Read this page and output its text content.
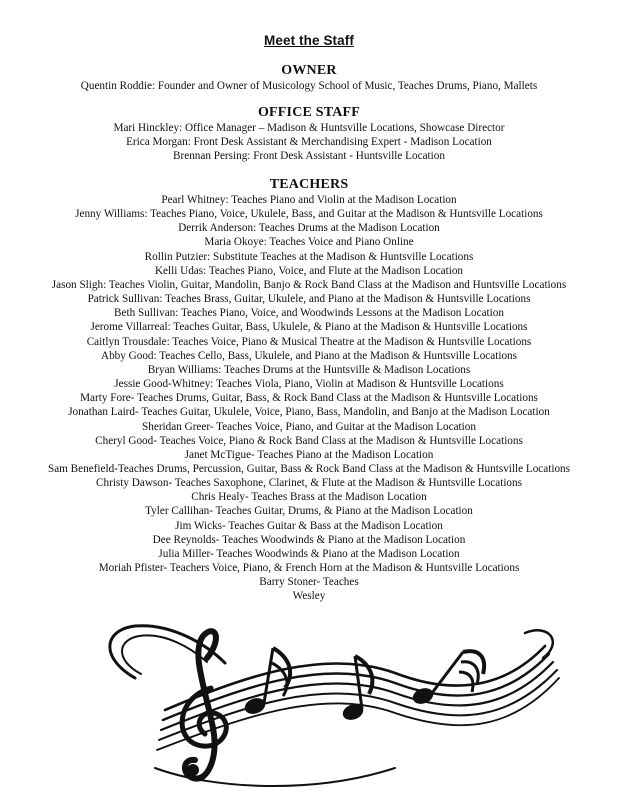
Meet the Staff
OWNER
Quentin Roddie: Founder and Owner of Musicology School of Music, Teaches Drums, Piano, Mallets
OFFICE STAFF
Mari Hinckley: Office Manager – Madison & Huntsville Locations, Showcase Director
Erica Morgan: Front Desk Assistant & Merchandising Expert - Madison Location
Brennan Persing: Front Desk Assistant - Huntsville Location
TEACHERS
Pearl Whitney: Teaches Piano and Violin at the Madison Location
Jenny Williams: Teaches Piano, Voice, Ukulele, Bass, and Guitar at the Madison & Huntsville Locations
Derrik Anderson: Teaches Drums at the Madison Location
Maria Okoye: Teaches Voice and Piano Online
Rollin Putzier: Substitute Teaches at the Madison & Huntsville Locations
Kelli Udas: Teaches Piano, Voice, and Flute at the Madison Location
Jason Sligh: Teaches Violin, Guitar, Mandolin, Banjo & Rock Band Class at the Madison and Huntsville Locations
Patrick Sullivan: Teaches Brass, Guitar, Ukulele, and Piano at the Madison & Huntsville Locations
Beth Sullivan: Teaches Piano, Voice, and Woodwinds Lessons at the Madison Location
Jerome Villarreal: Teaches Guitar, Bass, Ukulele, & Piano at the Madison & Huntsville Locations
Caitlyn Trousdale: Teaches Voice, Piano & Musical Theatre at the Madison & Huntsville Locations
Abby Good: Teaches Cello, Bass, Ukulele, and Piano at the Madison & Huntsville Locations
Bryan Williams: Teaches Drums at the Huntsville & Madison Locations
Jessie Good-Whitney: Teaches Viola, Piano, Violin at Madison & Huntsville Locations
Marty Fore- Teaches Drums, Guitar, Bass, & Rock Band Class at the Madison & Huntsville Locations
Jonathan Laird- Teaches Guitar, Ukulele, Voice, Piano, Bass, Mandolin, and Banjo at the Madison Location
Sheridan Greer- Teaches Voice, Piano, and Guitar at the Madison Location
Cheryl Good- Teaches Voice, Piano & Rock Band Class at the Madison & Huntsville Locations
Janet McTigue- Teaches Piano at the Madison Location
Sam Benefield-Teaches Drums, Percussion, Guitar, Bass & Rock Band Class at the Madison & Huntsville Locations
Christy Dawson- Teaches Saxophone, Clarinet, & Flute at the Madison & Huntsville Locations
Chris Healy- Teaches Brass at the Madison Location
Tyler Callihan- Teaches Guitar, Drums, & Piano at the Madison Location
Jim Wicks- Teaches Guitar & Bass at the Madison Location
Dee Reynolds- Teaches Woodwinds & Piano at the Madison Location
Julia Miller- Teaches Woodwinds & Piano at the Madison Location
Moriah Pfister- Teachers Voice, Piano, & French Horn at the Madison & Huntsville Locations
Barry Stoner- Teaches
Wesley
